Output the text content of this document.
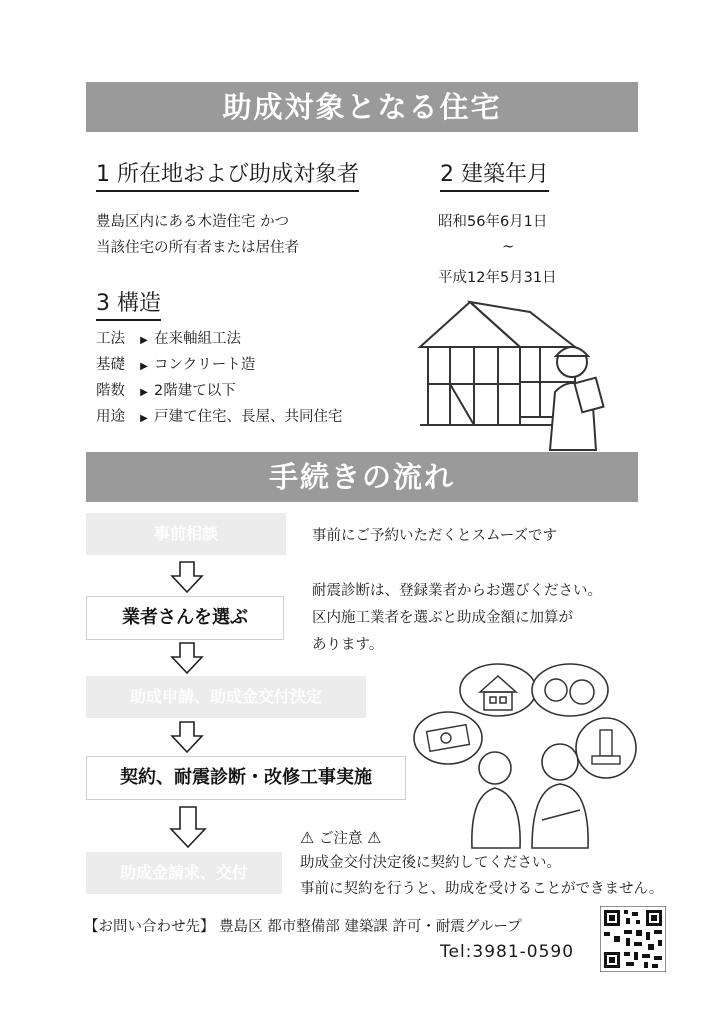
助成対象となる住宅
1 所在地および助成対象者
豊島区内にある木造住宅 かつ
当該住宅の所有者または居住者
2 建築年月
昭和56年6月1日
~
平成12年5月31日
3 構造
工法 ▶ 在来軸組工法
基礎 ▶ コンクリート造
階数 ▶ 2階建て以下
用途 ▶ 戸建て住宅、長屋、共同住宅
手続きの流れ
事前相談	事前にご予約いただくとスムーズです
業者さんを選ぶ
耐震診断は、登録業者からお選びください。
区内施工業者を選ぶと助成金額に加算が
あります。
助成申請、助成金交付決定
契約、耐震診断・改修工事実施
助成金請求、交付
⚠ ご注意 ⚠
助成金交付決定後に契約してください。
事前に契約を行うと、助成を受けることができません。
【お問い合わせ先】 豊島区 都市整備部 建築課 許可・耐震グループ
Tel:3981-0590
